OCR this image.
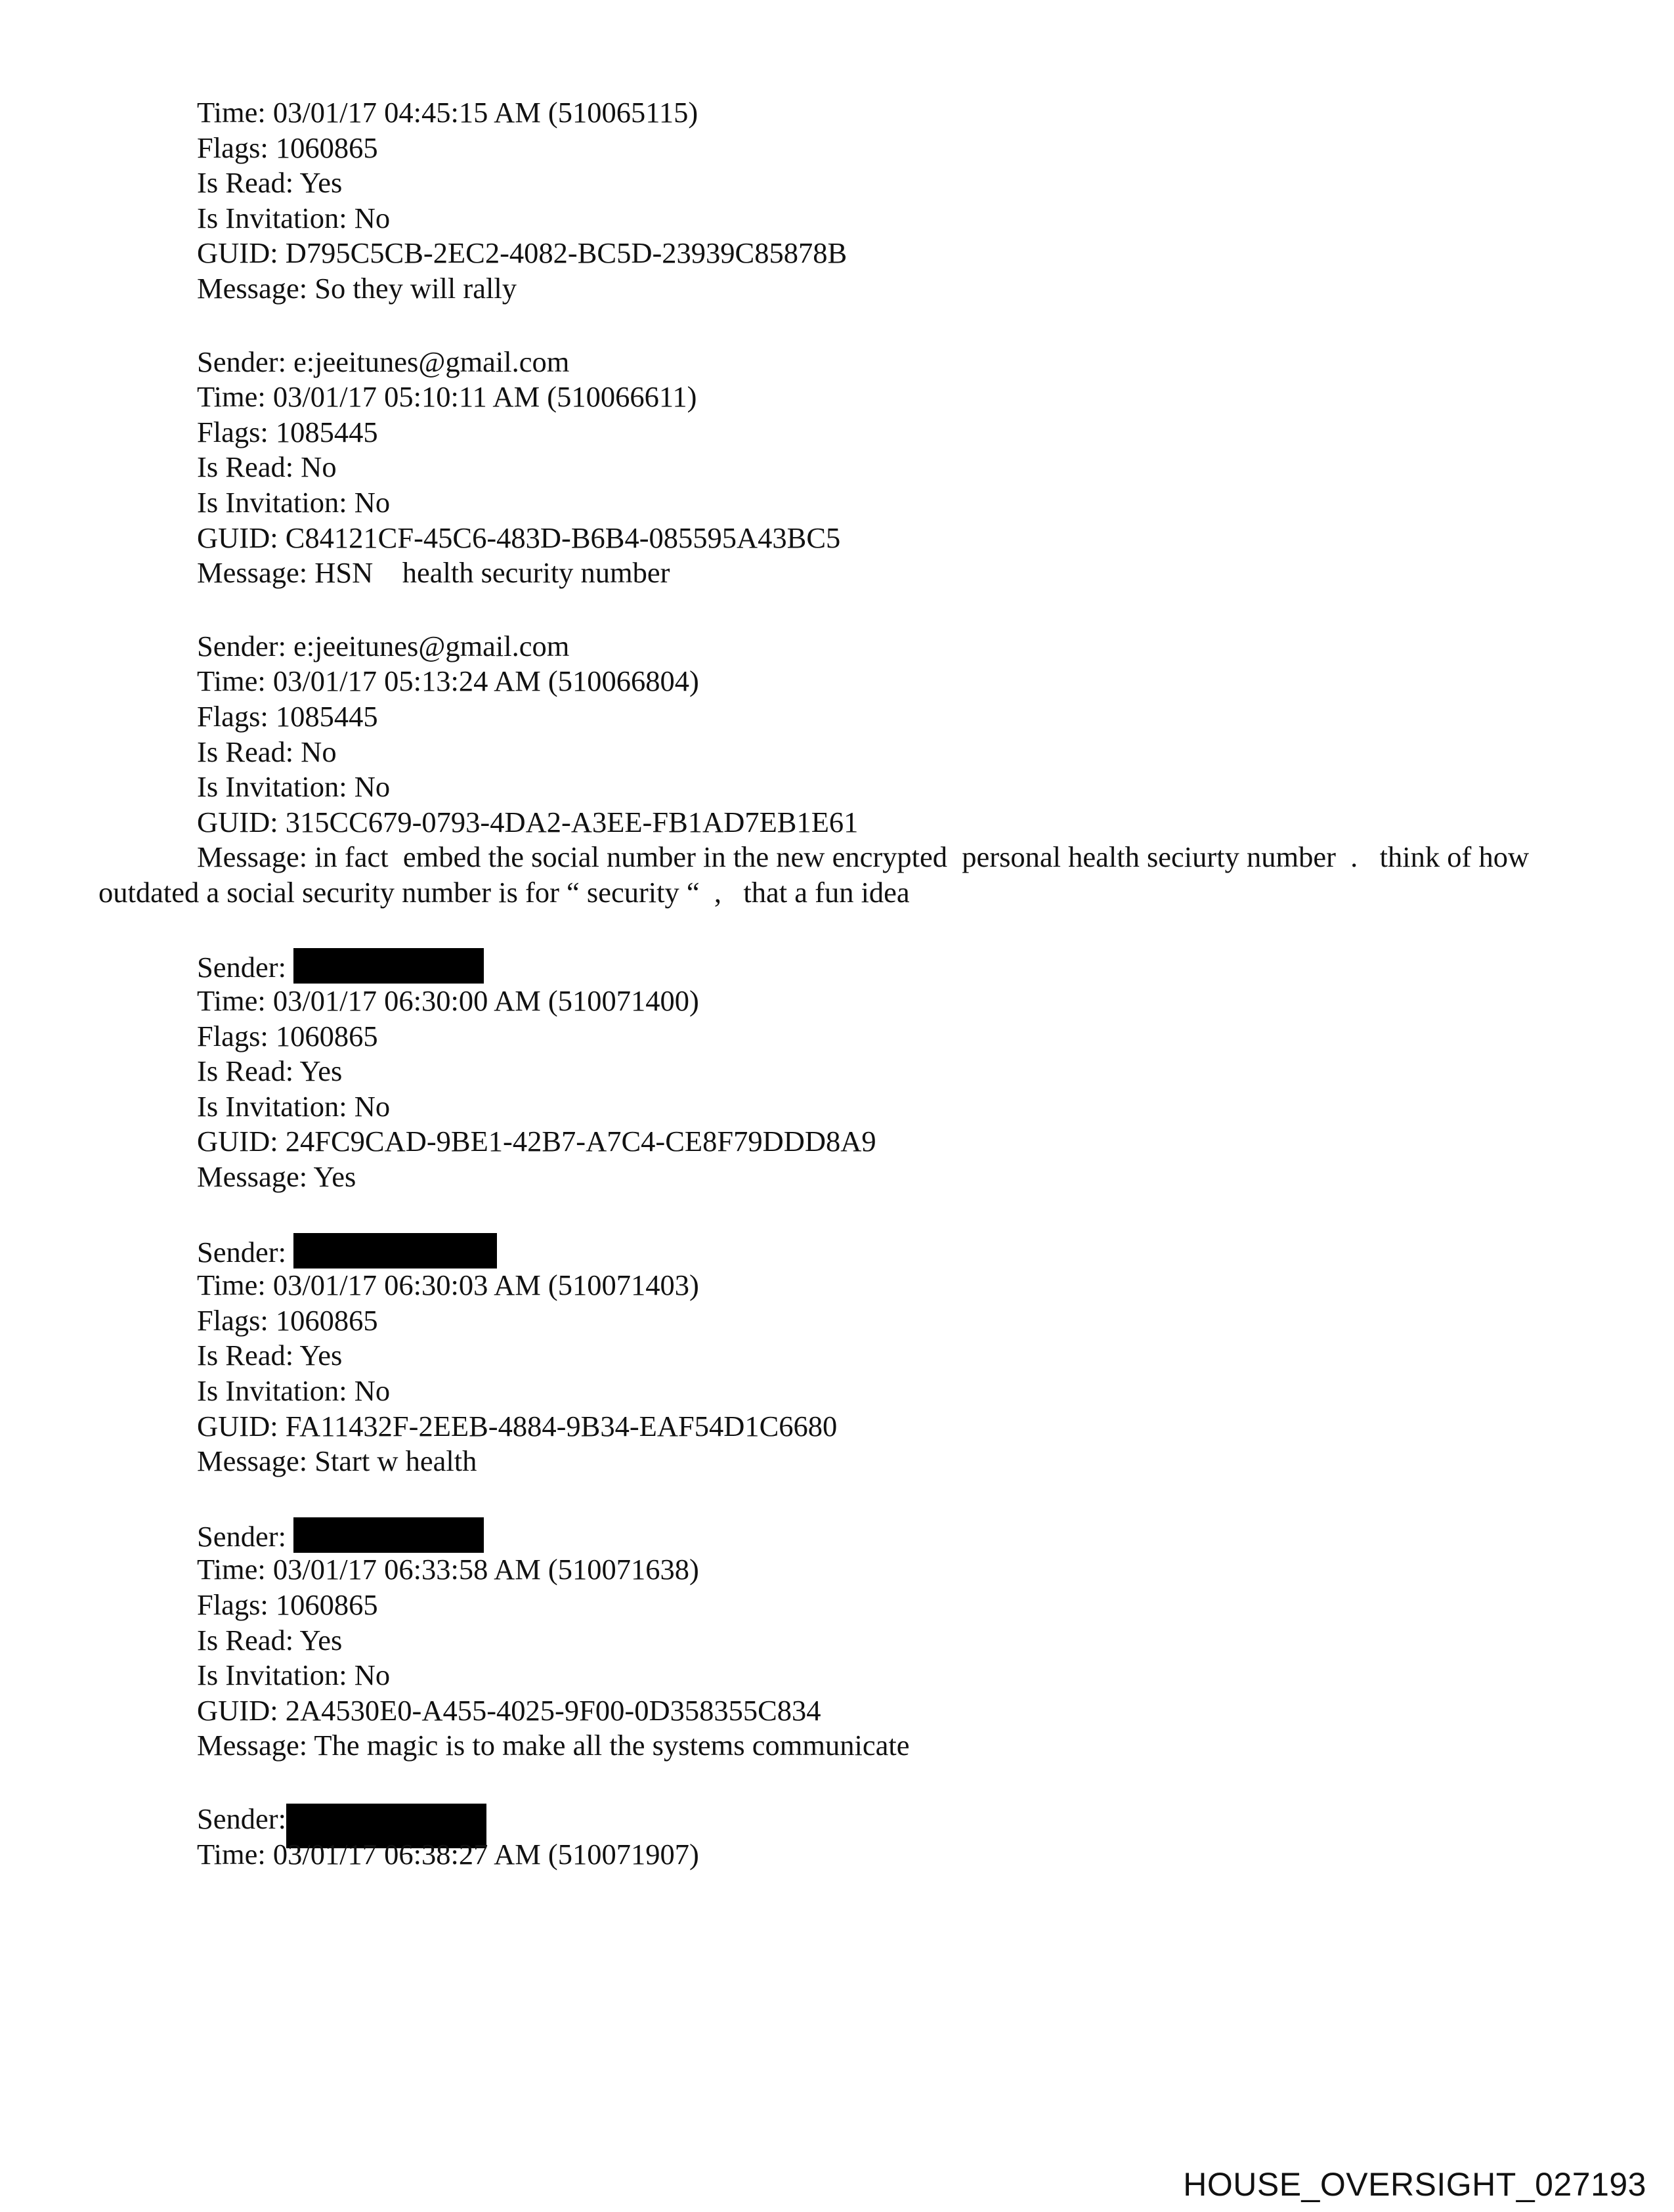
Time: 03/01/17 04:45:15 AM (510065115)
Flags: 1060865
Is Read: Yes
Is Invitation: No
GUID: D795C5CB-2EC2-4082-BC5D-23939C85878B
Message: So they will rally
Sender: e:jeeitunes@gmail.com
Time: 03/01/17 05:10:11 AM (510066611)
Flags: 1085445
Is Read: No
Is Invitation: No
GUID: C84121CF-45C6-483D-B6B4-085595A43BC5
Message: HSN    health security number
Sender: e:jeeitunes@gmail.com
Time: 03/01/17 05:13:24 AM (510066804)
Flags: 1085445
Is Read: No
Is Invitation: No
GUID: 315CC679-0793-4DA2-A3EE-FB1AD7EB1E61
Message: in fact  embed the social number in the new encrypted  personal health seciurty number  .   think of how outdated a social security number is for “ security “  ,   that a fun idea
Sender:
Time: 03/01/17 06:30:00 AM (510071400)
Flags: 1060865
Is Read: Yes
Is Invitation: No
GUID: 24FC9CAD-9BE1-42B7-A7C4-CE8F79DDD8A9
Message: Yes
Sender:
Time: 03/01/17 06:30:03 AM (510071403)
Flags: 1060865
Is Read: Yes
Is Invitation: No
GUID: FA11432F-2EEB-4884-9B34-EAF54D1C6680
Message: Start w health
Sender:
Time: 03/01/17 06:33:58 AM (510071638)
Flags: 1060865
Is Read: Yes
Is Invitation: No
GUID: 2A4530E0-A455-4025-9F00-0D358355C834
Message: The magic is to make all the systems communicate
Sender:
Time: 03/01/17 06:38:27 AM (510071907)
HOUSE_OVERSIGHT_027193
